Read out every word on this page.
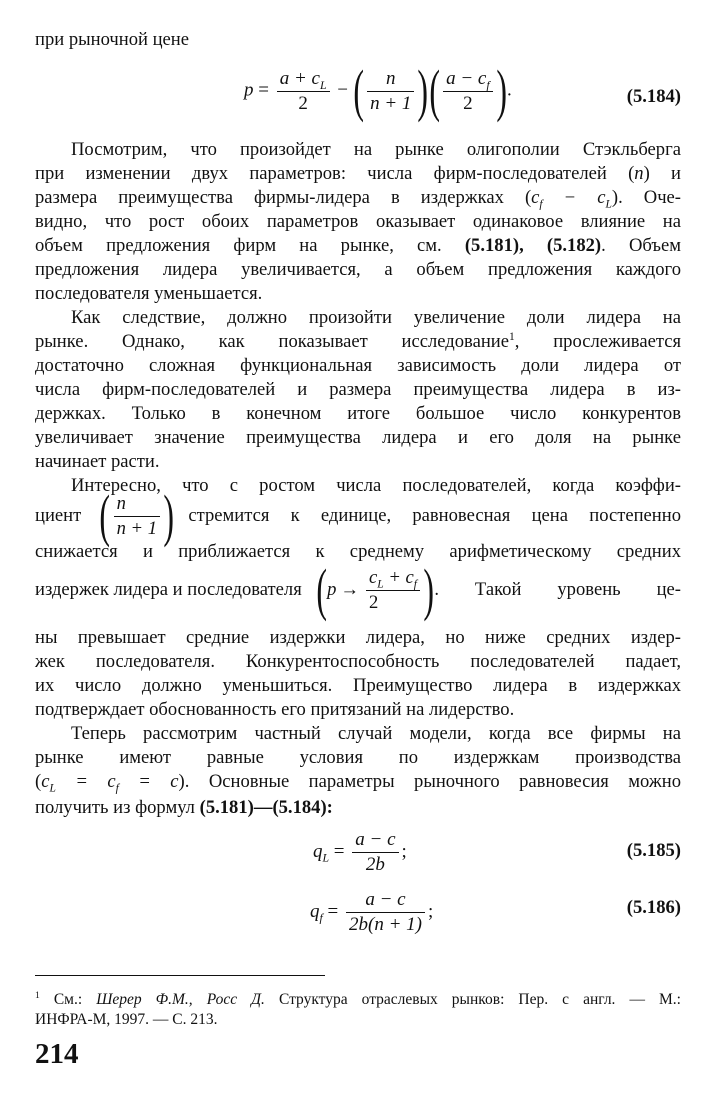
при рыночной цене
$p = \frac{a + c_L}{2}$ − ( $\frac{n}{n + 1}$ )( $\frac{a - c_f}{2}$ ).	(5.184)
Посмотрим, что произойдет на рынке олигополии Стэкльберга
при изменении двух параметров: числа фирм-последователей (n) и
размера преимущества фирмы-лидера в издержках $(c_f - c_L)$. Оче-
видно, что рост обоих параметров оказывает одинаковое влияние на
объем предложения фирм на рынке, см. (5.181), (5.182). Объем
предложения лидера увеличивается, а объем предложения каждого
последователя уменьшается.
Как следствие, должно произойти увеличение доли лидера на
рынке. Однако, как показывает исследование$^1$, прослеживается
достаточно сложная функциональная зависимость доли лидера от
числа фирм-последователей и размера преимущества лидера в из-
держках. Только в конечном итоге большое число конкурентов
увеличивает значение преимущества лидера и его доля на рынке
начинает расти.
Интересно, что с ростом числа последователей, когда коэффи-
циент ( $\frac{n}{n + 1}$ ) стремится к единице, равновесная цена постепенно
снижается и приближается к среднему арифметическому средних
издержек лидера и последователя ( $p \to \frac{c_L + c_f}{2}$ ) . Такой уровень це-
ны превышает средние издержки лидера, но ниже средних издер-
жек последователя. Конкурентоспособность последователей падает,
их число должно уменьшиться. Преимущество лидера в издержках
подтверждает обоснованность его притязаний на лидерство.
Теперь рассмотрим частный случай модели, когда все фирмы на
рынке имеют равные условия по издержкам производства
$(c_L = c_f = c)$. Основные параметры рыночного равновесия можно
получить из формул (5.181)—(5.184):
$q_L = \frac{a - c}{2b}$ ;	(5.185)
$q_f = \frac{a - c}{2b(n + 1)}$ ;	(5.186)
$^1$ См.: Шерер Ф.М., Росс Д. Структура отраслевых рынков: Пер. с англ. — М.:
ИНФРА-М, 1997. — С. 213.
214
